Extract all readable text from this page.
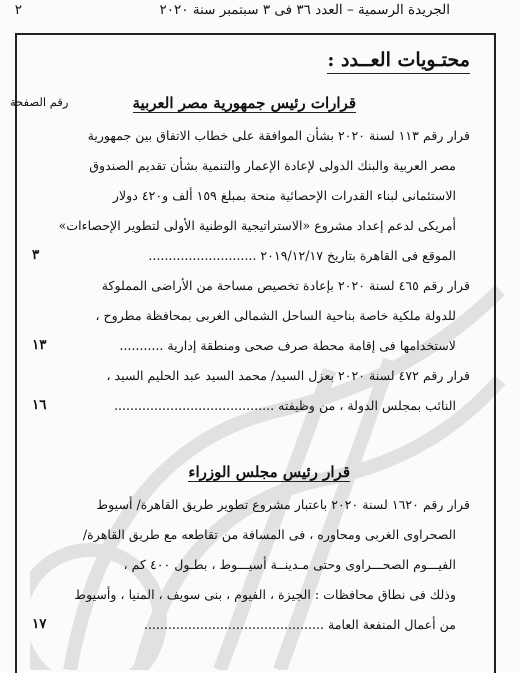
الجريدة الرسمية – العدد ٣٦ فى ٣ سبتمبر سنة ٢٠٢٠
٢
محتـويات العــدد :
رقم الصفحة	قرارات رئيس جمهورية مصر العربية
قرار رقم ١١٣ لسنة ٢٠٢٠ بشأن الموافقة على خطاب الاتفاق بين جمهورية
مصر العربية والبنك الدولى لإعادة الإعمار والتنمية بشأن تقديم الصندوق
الاستئمانى لبناء القدرات الإحصائية منحة بمبلغ ١٥٩ ألف و٤٢٠ دولار
أمريكى لدعم إعداد مشروع «الاستراتيجية الوطنية الأولى لتطوير الإحصاءات»
الموقع فى القاهرة بتاريخ ٢٠١٩/١٢/١٧ ...........................
٣
قرار رقم ٤٦٥ لسنة ٢٠٢٠ بإعادة تخصيص مساحة من الأراضى المملوكة
للدولة ملكية خاصة بناحية الساحل الشمالى الغربى بمحافظة مطروح ،
لاستخدامها فى إقامة محطة صرف صحى ومنطقة إدارية ...........
١٣
قرار رقم ٤٧٢ لسنة ٢٠٢٠ بعزل السيد/ محمد السيد عبد الحليم السيد ،
النائب بمجلس الدولة ، من وظيفته ........................................
١٦
قرار رئيس مجلس الوزراء
قرار رقم ١٦٢٠ لسنة ٢٠٢٠ باعتبار مشروع تطوير طريق القاهرة/ أسيوط
الصحراوى الغربى ومحاوره ، فى المسافة من تقاطعه مع طريق القاهرة/
الفيـــوم الصحـــراوى وحتى مـدينــة أسيـــوط ، بطـول ٤٠٠ كم ،
وذلك فى نطاق محافظات : الجيزة ، الفيوم ، بنى سويف ، المنيا ، وأسيوط
من أعمال المنفعة العامة .............................................
١٧
